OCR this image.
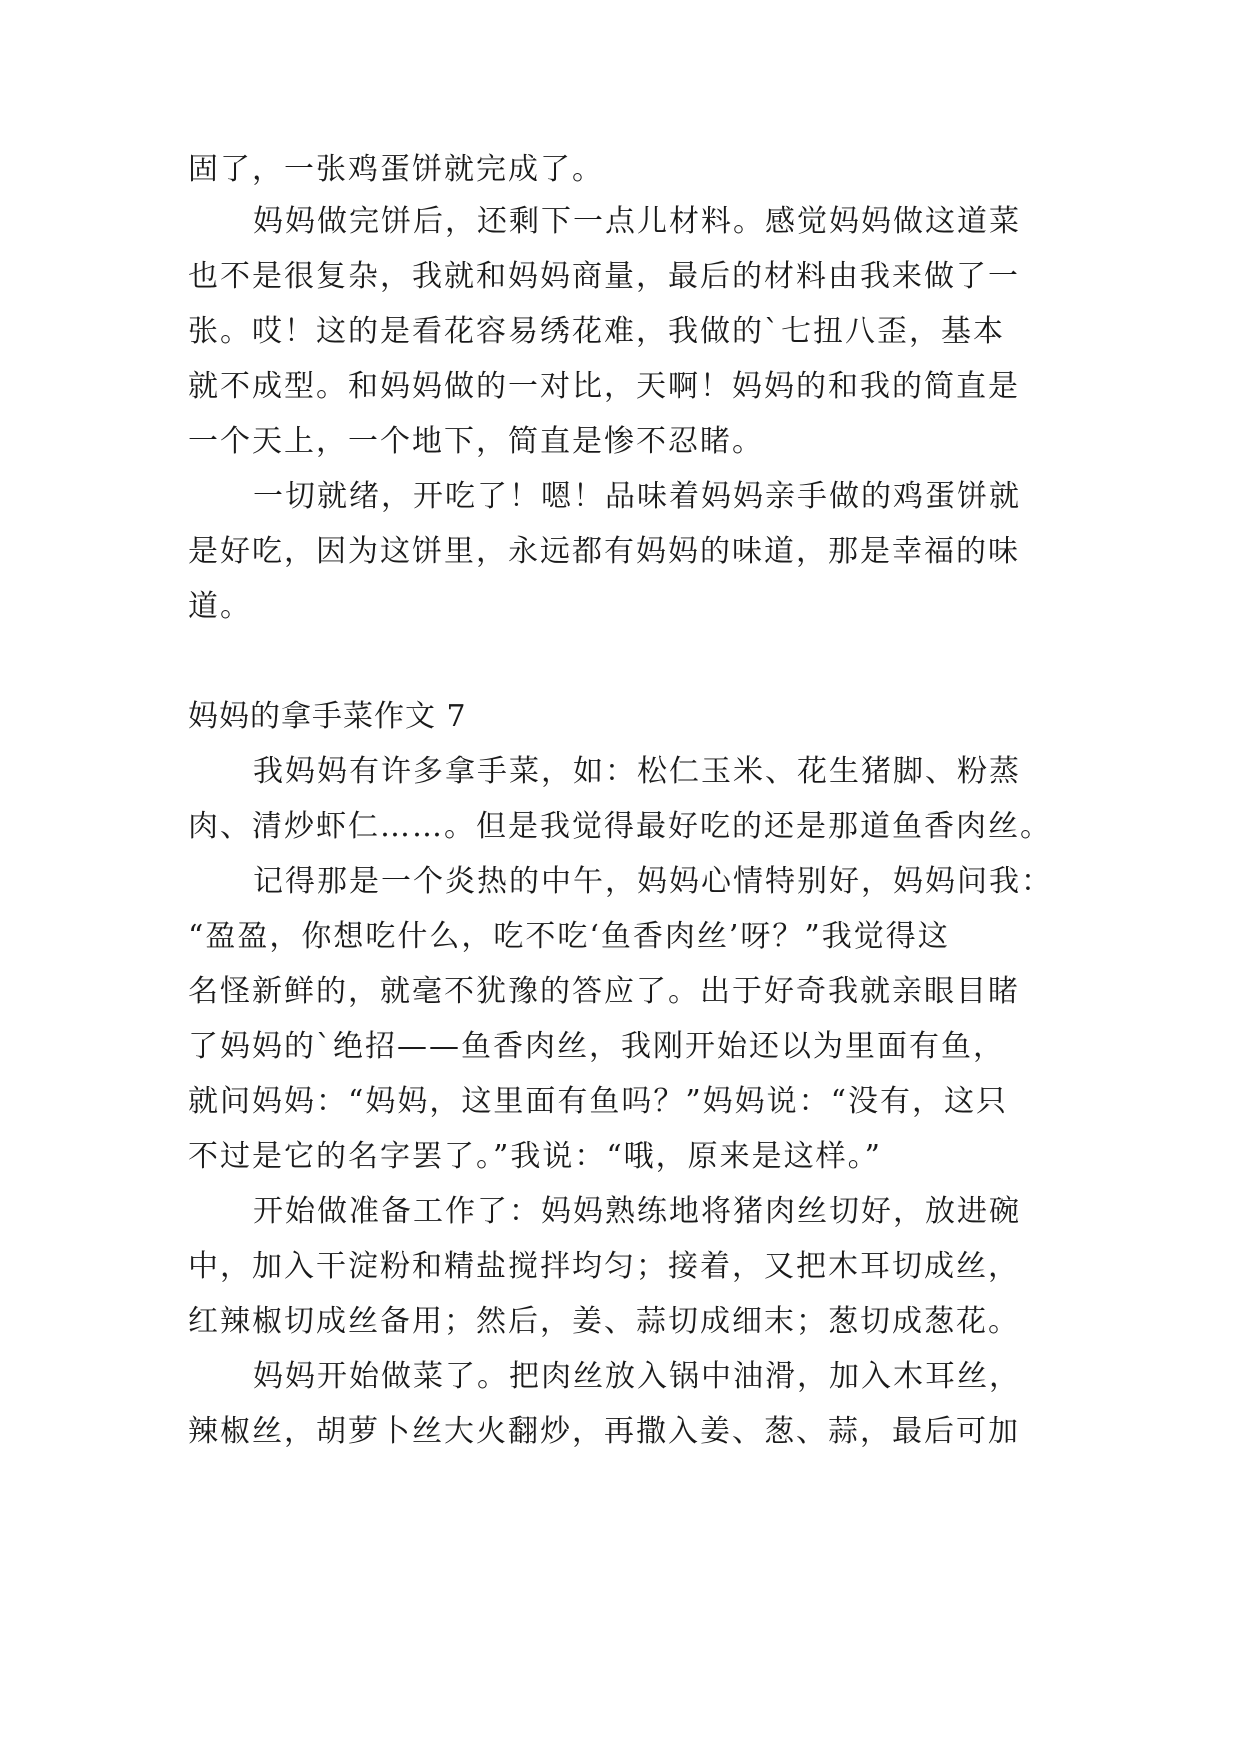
固了，一张鸡蛋饼就完成了。
妈妈做完饼后，还剩下一点儿材料。感觉妈妈做这道菜
也不是很复杂，我就和妈妈商量，最后的材料由我来做了一
张。哎！这的是看花容易绣花难，我做的`七扭八歪，基本
就不成型。和妈妈做的一对比，天啊！妈妈的和我的简直是
一个天上，一个地下，简直是惨不忍睹。
一切就绪，开吃了！嗯！品味着妈妈亲手做的鸡蛋饼就
是好吃，因为这饼里，永远都有妈妈的味道，那是幸福的味
道。
妈妈的拿手菜作文 7
我妈妈有许多拿手菜，如：松仁玉米、花生猪脚、粉蒸
肉、清炒虾仁……。但是我觉得最好吃的还是那道鱼香肉丝。
记得那是一个炎热的中午，妈妈心情特别好，妈妈问我：
“盈盈，你想吃什么，吃不吃‘鱼香肉丝’呀？”我觉得这
名怪新鲜的，就毫不犹豫的答应了。出于好奇我就亲眼目睹
了妈妈的`绝招——鱼香肉丝，我刚开始还以为里面有鱼，
就问妈妈：“妈妈，这里面有鱼吗？”妈妈说：“没有，这只
不过是它的名字罢了。”我说：“哦，原来是这样。”
开始做准备工作了：妈妈熟练地将猪肉丝切好，放进碗
中，加入干淀粉和精盐搅拌均匀；接着，又把木耳切成丝，
红辣椒切成丝备用；然后，姜、蒜切成细末；葱切成葱花。
妈妈开始做菜了。把肉丝放入锅中油滑，加入木耳丝，
辣椒丝，胡萝卜丝大火翻炒，再撒入姜、葱、蒜，最后可加
